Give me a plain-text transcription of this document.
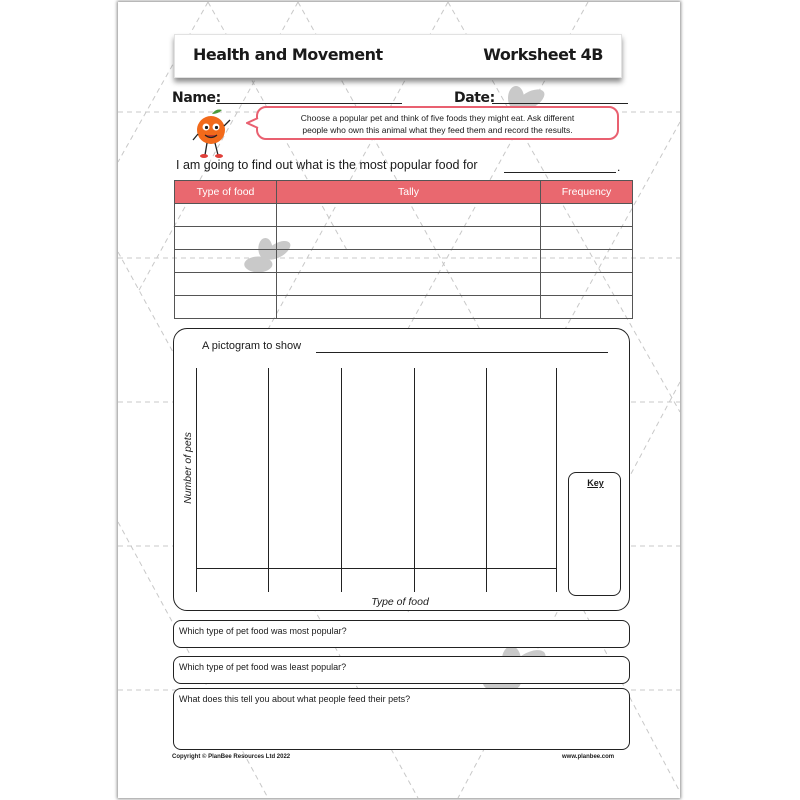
Health and Movement	Worksheet 4B
Name:	Date:
Choose a popular pet and think of five foods they might eat. Ask different
people who own this animal what they feed them and record the results.
I am going to find out what is the most popular food for	.
Type of food	Tally	Frequency

A pictogram to show
Number of pets
Type of food
Key
Which type of pet food was most popular?
Which type of pet food was least popular?
What does this tell you about what people feed their pets?
Copyright © PlanBee Resources Ltd 2022	www.planbee.com
